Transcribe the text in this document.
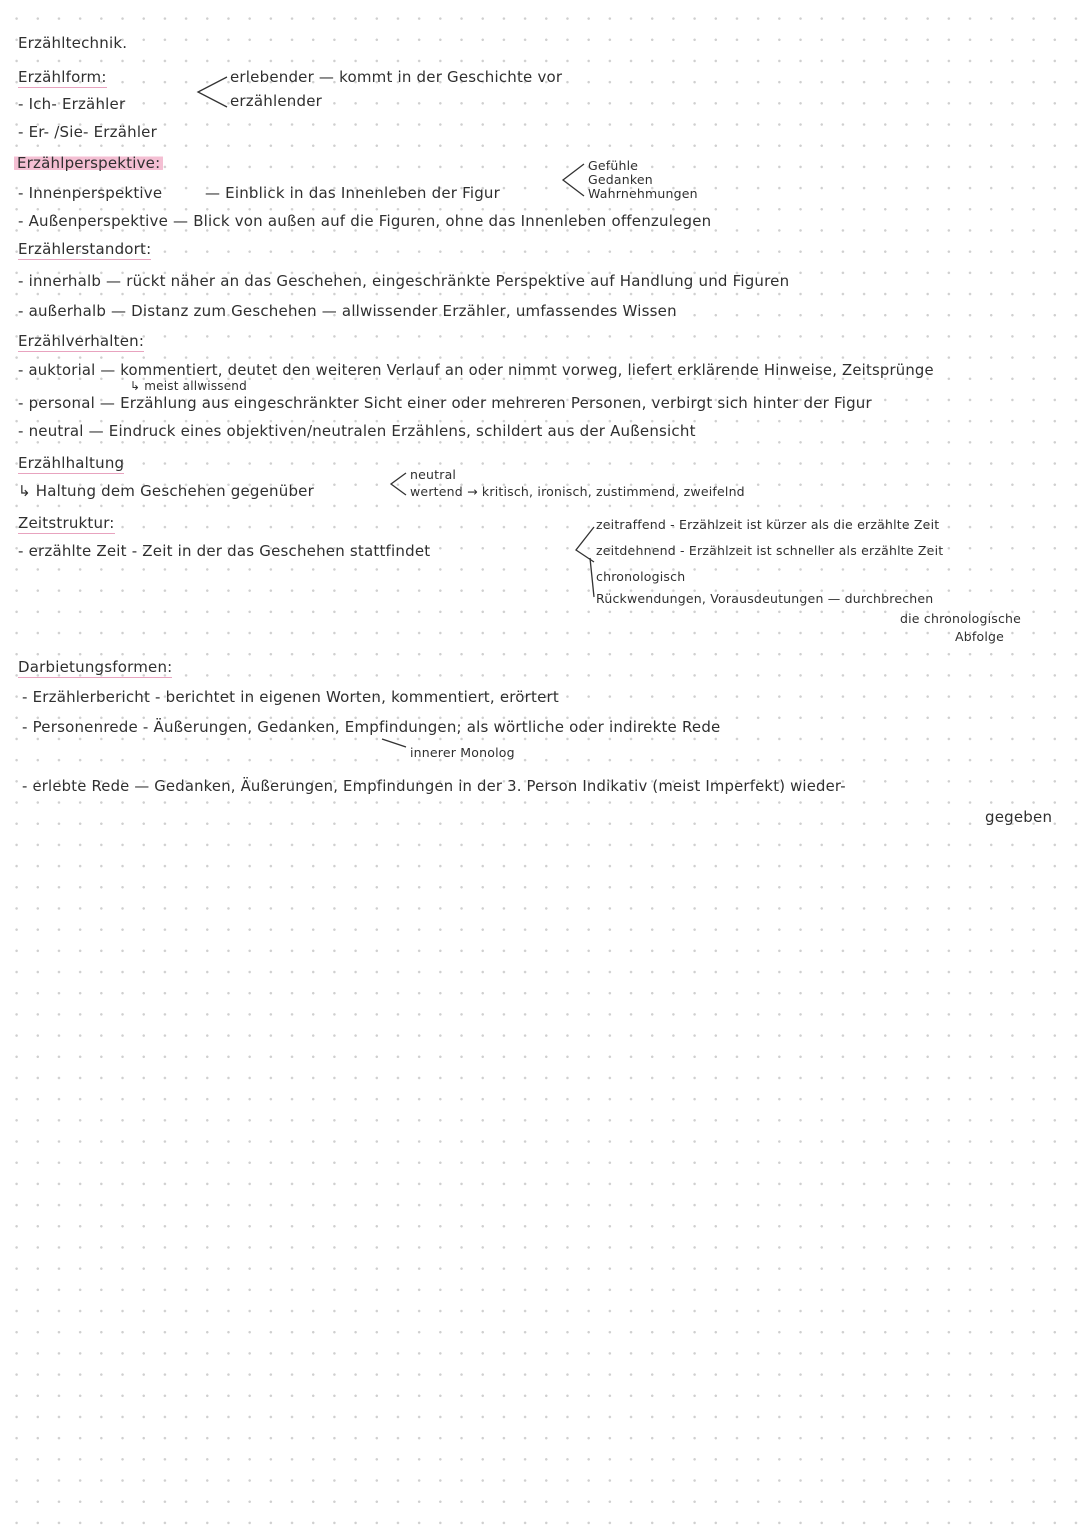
Erzähltechnik.
Erzählform:
- Ich- Erzähler
- Er- /Sie- Erzähler
erlebender — kommt in der Geschichte vor
erzählender
Erzählperspektive:
- Innenperspektive	— Einblick in das Innenleben der Figur
Gefühle
Gedanken
Wahrnehmungen
- Außenperspektive — Blick von außen auf die Figuren, ohne das Innenleben offenzulegen
Erzählerstandort:
- innerhalb — rückt näher an das Geschehen, eingeschränkte Perspektive auf Handlung und Figuren
- außerhalb — Distanz zum Geschehen — allwissender Erzähler, umfassendes Wissen
Erzählverhalten:
- auktorial — kommentiert, deutet den weiteren Verlauf an oder nimmt vorweg, liefert erklärende Hinweise, Zeitsprünge
↳ meist allwissend
- personal — Erzählung aus eingeschränkter Sicht einer oder mehreren Personen, verbirgt sich hinter der Figur
- neutral — Eindruck eines objektiven/neutralen Erzählens, schildert aus der Außensicht
Erzählhaltung
↳ Haltung dem Geschehen gegenüber
neutral
wertend → kritisch, ironisch, zustimmend, zweifelnd
Zeitstruktur:
- erzählte Zeit - Zeit in der das Geschehen stattfindet
zeitraffend - Erzählzeit ist kürzer als die erzählte Zeit
zeitdehnend - Erzählzeit ist schneller als erzählte Zeit
chronologisch
Rückwendungen, Vorausdeutungen — durchbrechen
die chronologische
Abfolge
Darbietungsformen:
- Erzählerbericht - berichtet in eigenen Worten, kommentiert, erörtert
- Personenrede - Äußerungen, Gedanken, Empfindungen; als wörtliche oder indirekte Rede
innerer Monolog
- erlebte Rede — Gedanken, Äußerungen, Empfindungen in der 3. Person Indikativ (meist Imperfekt) wieder-
gegeben
